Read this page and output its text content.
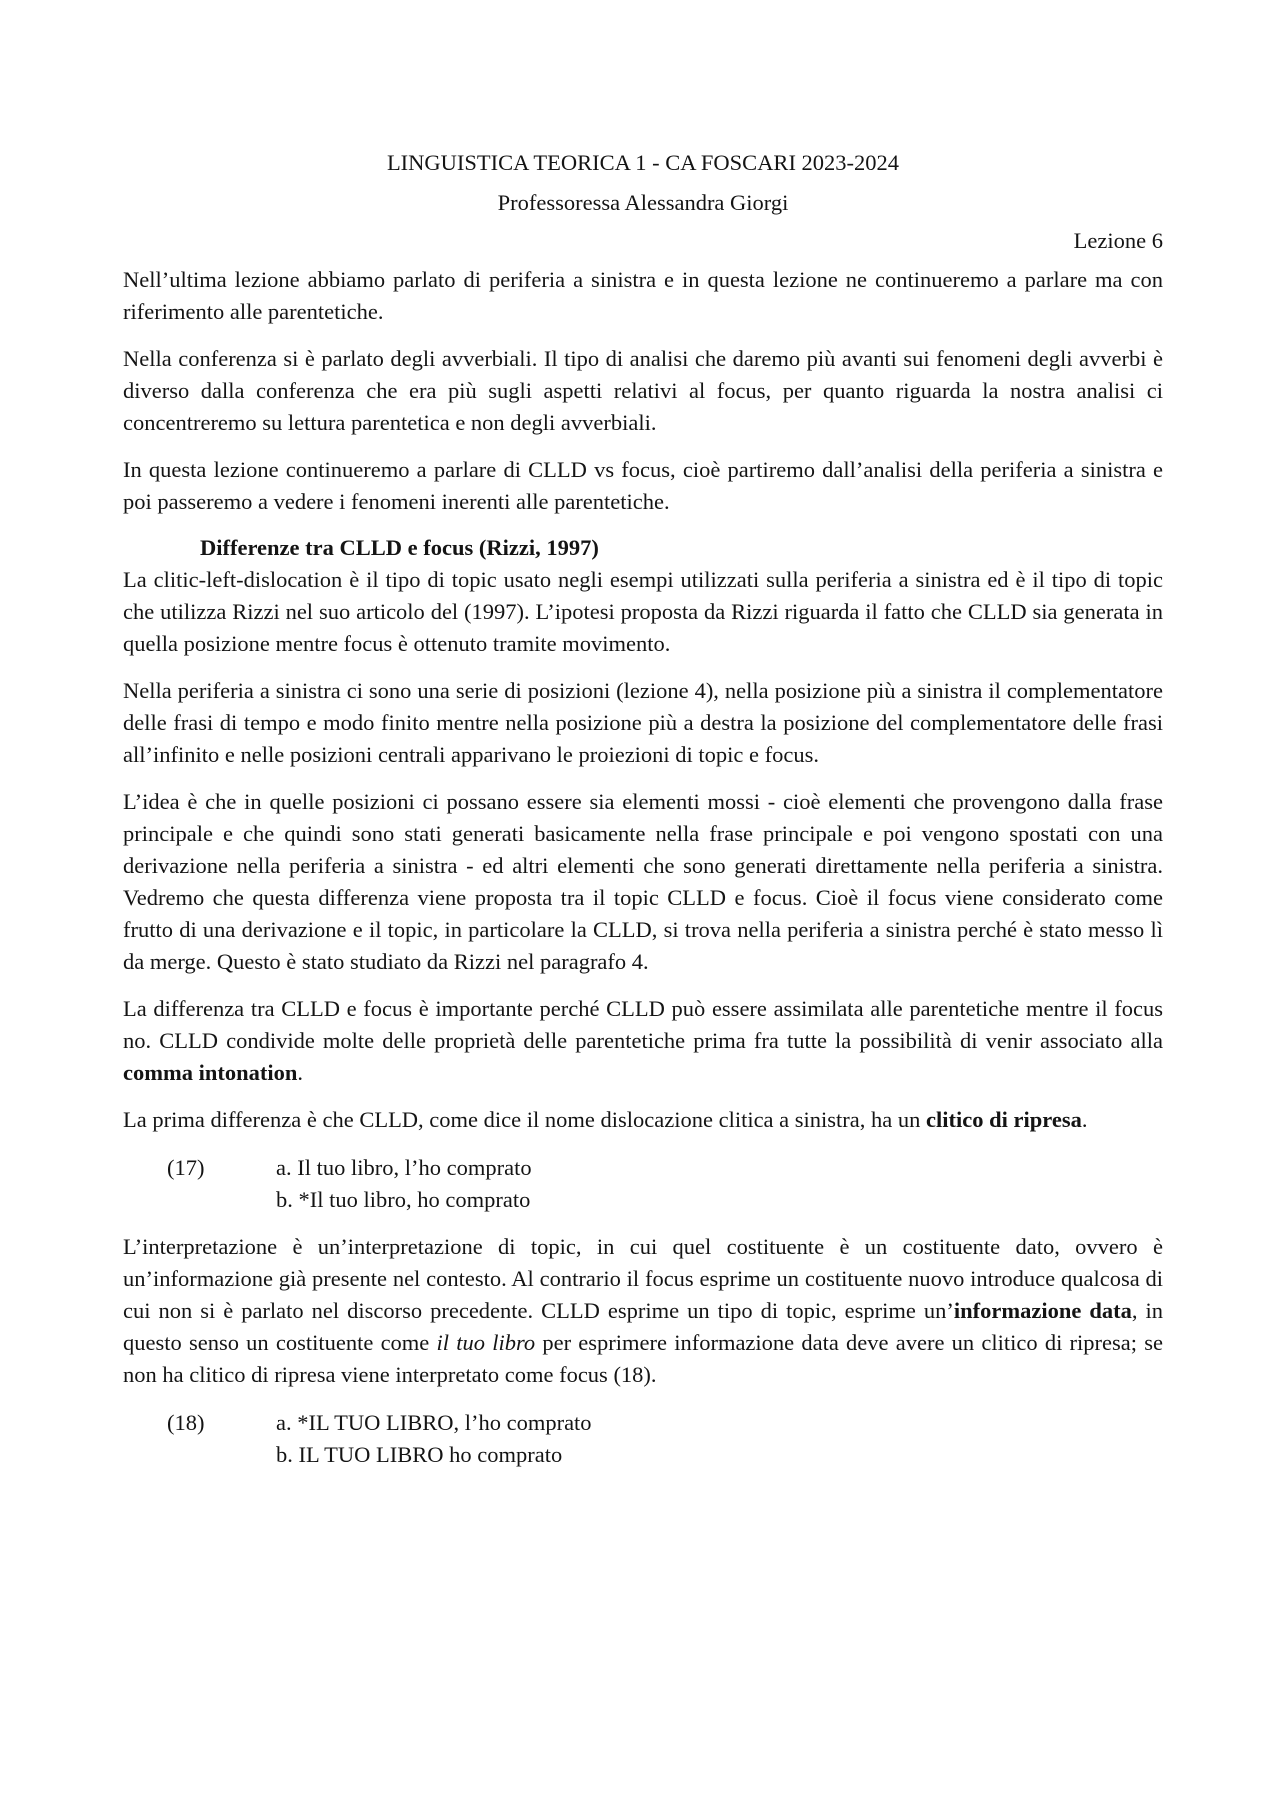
LINGUISTICA TEORICA 1 - CA FOSCARI 2023-2024
Professoressa Alessandra Giorgi
Lezione 6

Nell’ultima lezione abbiamo parlato di periferia a sinistra e in questa lezione ne continueremo a parlare ma con riferimento alle parentetiche.

Nella conferenza si è parlato degli avverbiali. Il tipo di analisi che daremo più avanti sui fenomeni degli avverbi è diverso dalla conferenza che era più sugli aspetti relativi al focus, per quanto riguarda la nostra analisi ci concentreremo su lettura parentetica e non degli avverbiali.

In questa lezione continueremo a parlare di CLLD vs focus, cioè partiremo dall’analisi della periferia a sinistra e poi passeremo a vedere i fenomeni inerenti alle parentetiche.

Differenze tra CLLD e focus (Rizzi, 1997)

La clitic-left-dislocation è il tipo di topic usato negli esempi utilizzati sulla periferia a sinistra ed è il tipo di topic che utilizza Rizzi nel suo articolo del (1997). L’ipotesi proposta da Rizzi riguarda il fatto che CLLD sia generata in quella posizione mentre focus è ottenuto tramite movimento.

Nella periferia a sinistra ci sono una serie di posizioni (lezione 4), nella posizione più a sinistra il complementatore delle frasi di tempo e modo finito mentre nella posizione più a destra la posizione del complementatore delle frasi all’infinito e nelle posizioni centrali apparivano le proiezioni di topic e focus.

L’idea è che in quelle posizioni ci possano essere sia elementi mossi - cioè elementi che provengono dalla frase principale e che quindi sono stati generati basicamente nella frase principale e poi vengono spostati con una derivazione nella periferia a sinistra - ed altri elementi che sono generati direttamente nella periferia a sinistra. Vedremo che questa differenza viene proposta tra il topic CLLD e focus. Cioè il focus viene considerato come frutto di una derivazione e il topic, in particolare la CLLD, si trova nella periferia a sinistra perché è stato messo lì da merge. Questo è stato studiato da Rizzi nel paragrafo 4.

La differenza tra CLLD e focus è importante perché CLLD può essere assimilata alle parentetiche mentre il focus no. CLLD condivide molte delle proprietà delle parentetiche prima fra tutte la possibilità di venir associato alla comma intonation.

La prima differenza è che CLLD, come dice il nome dislocazione clitica a sinistra, ha un clitico di ripresa.

(17)	a. Il tuo libro, l’ho comprato
b. *Il tuo libro, ho comprato

L’interpretazione è un’interpretazione di topic, in cui quel costituente è un costituente dato, ovvero è un’informazione già presente nel contesto. Al contrario il focus esprime un costituente nuovo introduce qualcosa di cui non si è parlato nel discorso precedente. CLLD esprime un tipo di topic, esprime un’informazione data, in questo senso un costituente come il tuo libro per esprimere informazione data deve avere un clitico di ripresa; se non ha clitico di ripresa viene interpretato come focus (18).

(18)	a. *IL TUO LIBRO, l’ho comprato
b. IL TUO LIBRO ho comprato
